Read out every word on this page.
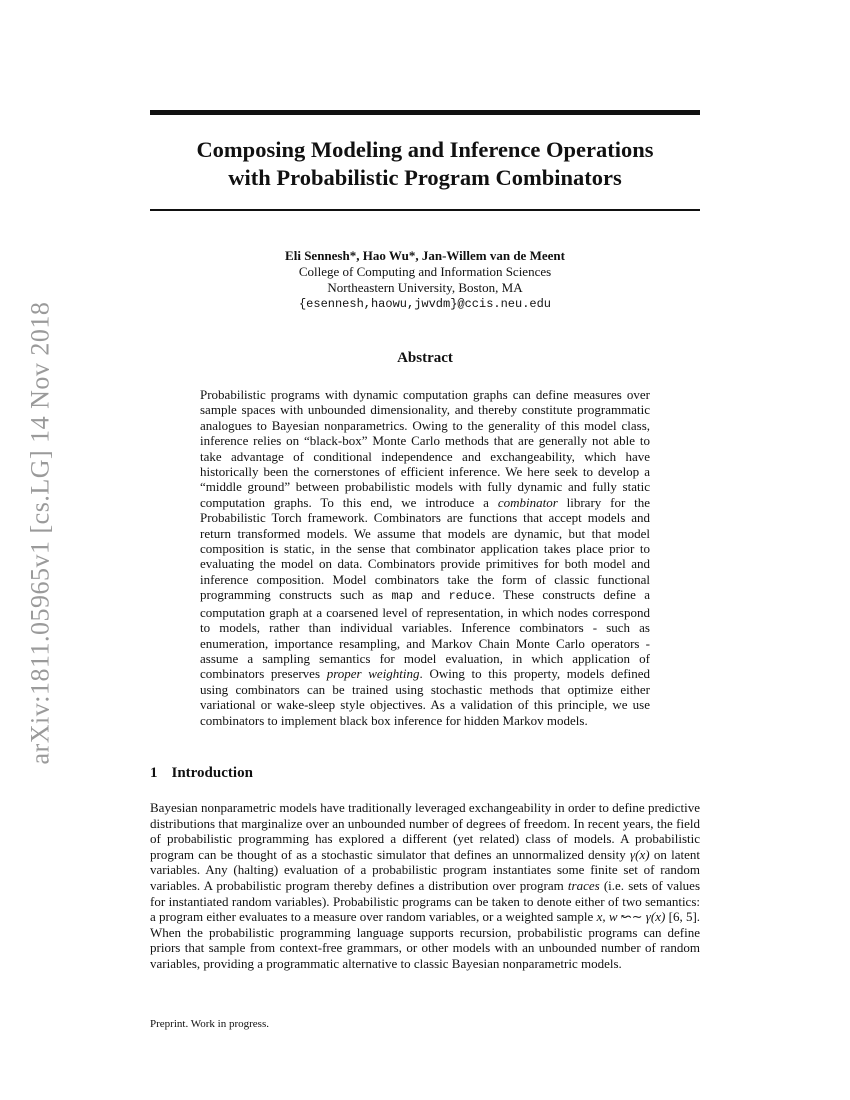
arXiv:1811.05965v1 [cs.LG] 14 Nov 2018
Composing Modeling and Inference Operations
with Probabilistic Program Combinators
Eli Sennesh*, Hao Wu*, Jan-Willem van de Meent
College of Computing and Information Sciences
Northeastern University, Boston, MA
{esennesh,haowu,jwvdm}@ccis.neu.edu
Abstract

Probabilistic programs with dynamic computation graphs can define measures over sample spaces with unbounded dimensionality, and thereby constitute programmatic analogues to Bayesian nonparametrics. Owing to the generality of this model class, inference relies on “black-box” Monte Carlo methods that are generally not able to take advantage of conditional independence and exchangeability, which have historically been the cornerstones of efficient inference. We here seek to develop a “middle ground” between probabilistic models with fully dynamic and fully static computation graphs. To this end, we introduce a combinator library for the Probabilistic Torch framework. Combinators are functions that accept models and return transformed models. We assume that models are dynamic, but that model composition is static, in the sense that combinator application takes place prior to evaluating the model on data. Combinators provide primitives for both model and inference composition. Model combinators take the form of classic functional programming constructs such as map and reduce. These constructs define a computation graph at a coarsened level of representation, in which nodes correspond to models, rather than individual variables. Inference combinators - such as enumeration, importance resampling, and Markov Chain Monte Carlo operators - assume a sampling semantics for model evaluation, in which application of combinators preserves proper weighting. Owing to this property, models defined using combinators can be trained using stochastic methods that optimize either variational or wake-sleep style objectives. As a validation of this principle, we use combinators to implement black box inference for hidden Markov models.

1 Introduction

Bayesian nonparametric models have traditionally leveraged exchangeability in order to define predictive distributions that marginalize over an unbounded number of degrees of freedom. In recent years, the field of probabilistic programming has explored a different (yet related) class of models. A probabilistic program can be thought of as a stochastic simulator that defines an unnormalized density γ(x) on latent variables. Any (halting) evaluation of a probabilistic program instantiates some finite set of random variables. A probabilistic program thereby defines a distribution over program traces (i.e. sets of values for instantiated random variables). Probabilistic programs can be taken to denote either of two semantics: a program either evaluates to a measure over random variables, or a weighted sample x, w ↜∼ γ(x) [6, 5]. When the probabilistic programming language supports recursion, probabilistic programs can define priors that sample from context-free grammars, or other models with an unbounded number of random variables, providing a programmatic alternative to classic Bayesian nonparametric models.

Preprint. Work in progress.
